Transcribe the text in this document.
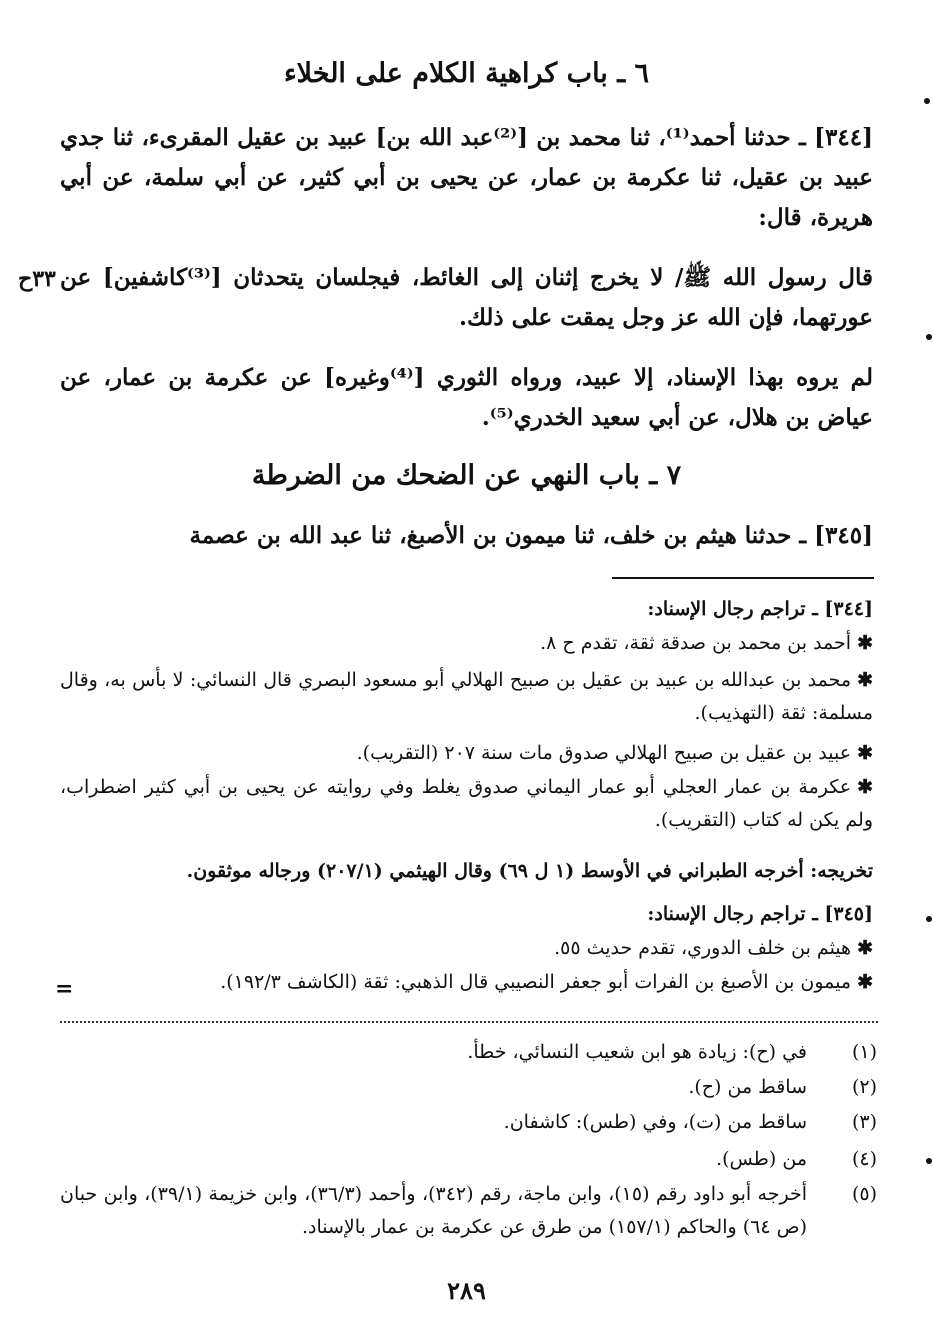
٦ ـ باب كراهية الكلام على الخلاء
[٣٤٤] ـ حدثنا أحمد⁽¹⁾، ثنا محمد بن [⁽²⁾عبد الله بن] عبيد بن عقيل المقرىء، ثنا جدي عبيد بن عقيل، ثنا عكرمة بن عمار، عن يحيى بن أبي كثير، عن أبي سلمة، عن أبي هريرة، قال:
قال رسول الله ﷺ/ لا يخرج إثنان إلى الغائط، فيجلسان يتحدثان [⁽³⁾كاشفين] عن عورتهما، فإن الله عز وجل يمقت على ذلك.
٣٣ح
لم يروه بهذا الإسناد، إلا عبيد، ورواه الثوري [⁽⁴⁾وغيره] عن عكرمة بن عمار، عن عياض بن هلال، عن أبي سعيد الخدري⁽⁵⁾.
٧ ـ باب النهي عن الضحك من الضرطة
[٣٤٥] ـ حدثنا هيثم بن خلف، ثنا ميمون بن الأصبغ، ثنا عبد الله بن عصمة
[٣٤٤] ـ تراجم رجال الإسناد:
✱أحمد بن محمد بن صدقة ثقة، تقدم ح ٨.
✱محمد بن عبدالله بن عبيد بن عقيل بن صبيح الهلالي أبو مسعود البصري قال النسائي: لا بأس به، وقال مسلمة: ثقة (التهذيب).
✱عبيد بن عقيل بن صبيح الهلالي صدوق مات سنة ٢٠٧ (التقريب).
✱عكرمة بن عمار العجلي أبو عمار اليماني صدوق يغلط وفي روايته عن يحيى بن أبي كثير اضطراب، ولم يكن له كتاب (التقريب).
تخريجه: أخرجه الطبراني في الأوسط (١ ل ٦٩) وقال الهيثمي (٢٠٧/١) ورجاله موثقون.
[٣٤٥] ـ تراجم رجال الإسناد:
✱هيثم بن خلف الدوري، تقدم حديث ٥٥.
✱ميمون بن الأصبغ بن الفرات أبو جعفر النصيبي قال الذهبي: ثقة (الكاشف ١٩٢/٣).
=
(١)
في (ح): زيادة هو ابن شعيب النسائي، خطأ.
(٢)
ساقط من (ح).
(٣)
ساقط من (ت)، وفي (طس): كاشفان.
(٤)
من (طس).
(٥)
أخرجه أبو داود رقم (١٥)، وابن ماجة، رقم (٣٤٢)، وأحمد (٣٦/٣)، وابن خزيمة (٣٩/١)، وابن حبان (ص ٦٤) والحاكم (١٥٧/١) من طرق عن عكرمة بن عمار بالإسناد.
٢٨٩
